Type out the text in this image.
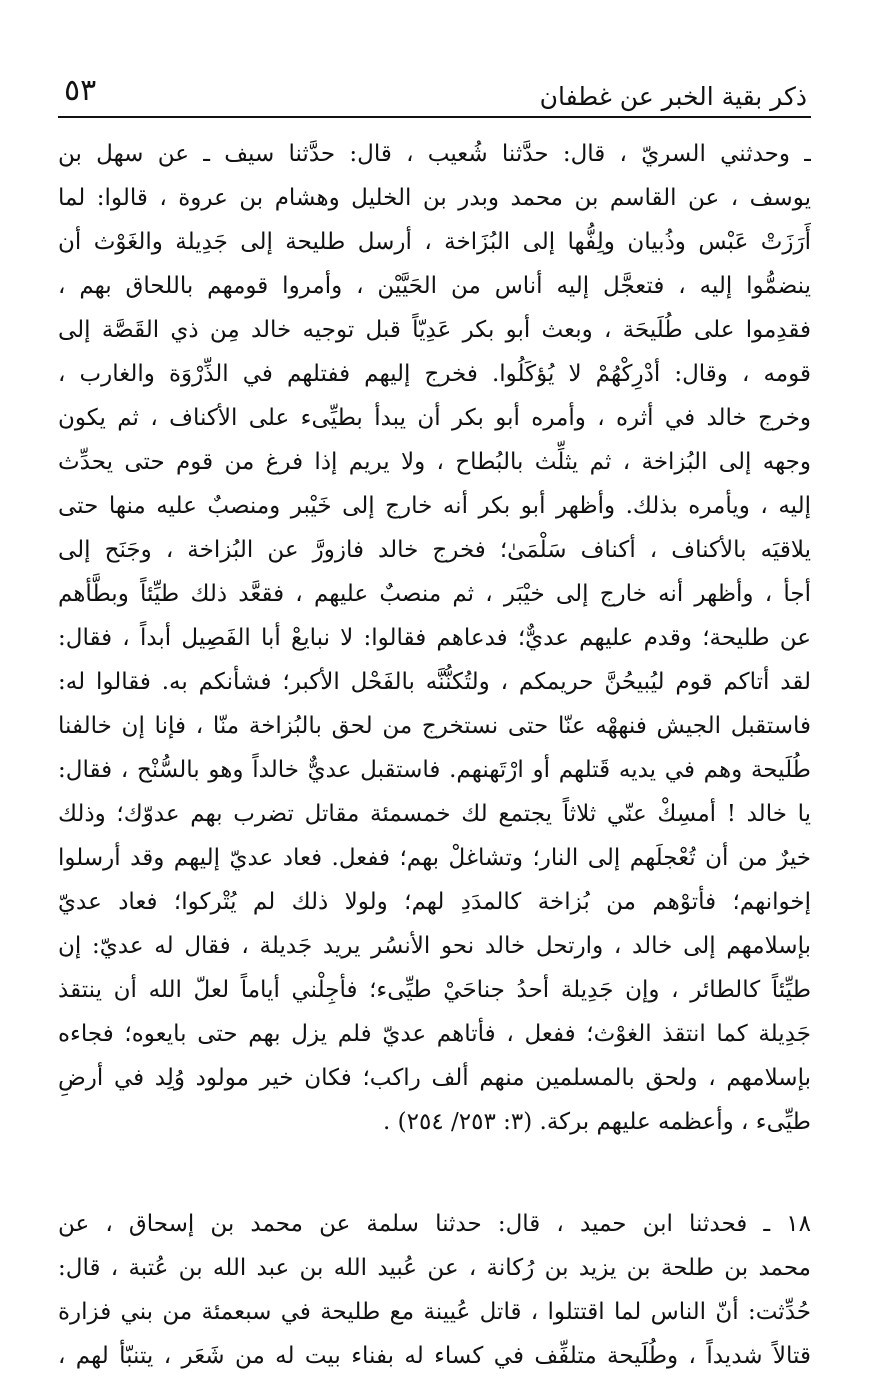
٥٣	ذكر بقية الخبر عن غطفان
ـ وحدثني السريّ ، قال: حدَّثنا شُعيب ، قال: حدَّثنا سيف ـ عن سهل بن
يوسف ، عن القاسم بن محمد وبدر بن الخليل وهشام بن عروة ، قالوا: لما
أَرَزَتْ عَبْس وذُبيان ولِفُّها إلى البُزَاخة ، أرسل طليحة إلى جَدِيلة والغَوْث أن
ينضمُّوا إليه ، فتعجَّل إليه أناس من الحَيَّيْن ، وأمروا قومهم باللحاق بهم ،
فقدِموا على طُلَيحَة ، وبعث أبو بكر عَدِيّاً قبل توجيه خالد مِن ذي القَصَّة إلى
قومه ، وقال: أدْرِكْهُمْ لا يُؤكَلُوا. فخرج إليهم ففتلهم في الذِّرْوَة والغارب ،
وخرج خالد في أثره ، وأمره أبو بكر أن يبدأ بطيِّىء على الأكناف ، ثم يكون
وجهه إلى البُزاخة ، ثم يثلِّث بالبُطاح ، ولا يريم إذا فرغ من قوم حتى يحدِّث
إليه ، ويأمره بذلك. وأظهر أبو بكر أنه خارج إلى خَيْبر ومنصبٌ عليه منها حتى
يلاقيَه بالأكناف ، أكناف سَلْمَىٰ؛ فخرج خالد فازورَّ عن البُزاخة ، وجَنَح إلى
أجأ ، وأظهر أنه خارج إلى خيْبَر ، ثم منصبٌ عليهم ، فقعَّد ذلك طيِّئاً وبطَّأهم
عن طليحة؛ وقدم عليهم عديٌّ؛ فدعاهم فقالوا: لا نبايعْ أبا الفَصِيل أبداً ، فقال:
لقد أتاكم قوم ليُبيحُنَّ حريمكم ، ولتُكنُّنَّه بالفَحْل الأكبر؛ فشأنكم به. فقالوا له:
فاستقبل الجيش فنههْه عنّا حتى نستخرج من لحق بالبُزاخة منّا ، فإنا إن خالفنا
طُلَيحة وهم في يديه قَتلهم أو ارْتَهنهم. فاستقبل عديٌّ خالداً وهو بالسُّنْح ، فقال:
يا خالد ! أمسِكْ عنّي ثلاثاً يجتمع لك خمسمئة مقاتل تضرب بهم عدوّك؛ وذلك
خيرٌ من أن تُعْجلَهم إلى النار؛ وتشاغلْ بهم؛ ففعل. فعاد عديّ إليهم وقد أرسلوا
إخوانهم؛ فأتوْهم من بُزاخة كالمدَدِ لهم؛ ولولا ذلك لم يُتْركوا؛ فعاد عديّ
بإسلامهم إلى خالد ، وارتحل خالد نحو الأنسُر يريد جَديلة ، فقال له عديّ: إن
طيِّئاً كالطائر ، وإن جَدِيلة أحدُ جناحَيْ طيِّىء؛ فأجِلْني أياماً لعلّ الله أن ينتقذ
جَدِيلة كما انتقذ الغوْث؛ ففعل ، فأتاهم عديّ فلم يزل بهم حتى بايعوه؛ فجاءه
بإسلامهم ، ولحق بالمسلمين منهم ألف راكب؛ فكان خير مولود وُلِد في أرضِ
طيِّىء ، وأعظمه عليهم بركة. (٣: ٢٥٣/ ٢٥٤) .
١٨ ـ فحدثنا ابن حميد ، قال: حدثنا سلمة عن محمد بن إسحاق ، عن
محمد بن طلحة بن يزيد بن رُكانة ، عن عُبيد الله بن عبد الله بن عُتبة ، قال:
حُدِّثت: أنّ الناس لما اقتتلوا ، قاتل عُيينة مع طليحة في سبعمئة من بني فزارة
قتالاً شديداً ، وطُلَيحة متلفِّف في كساء له بفناء بيت له من شَعَر ، يتنبّأ لهم ،
